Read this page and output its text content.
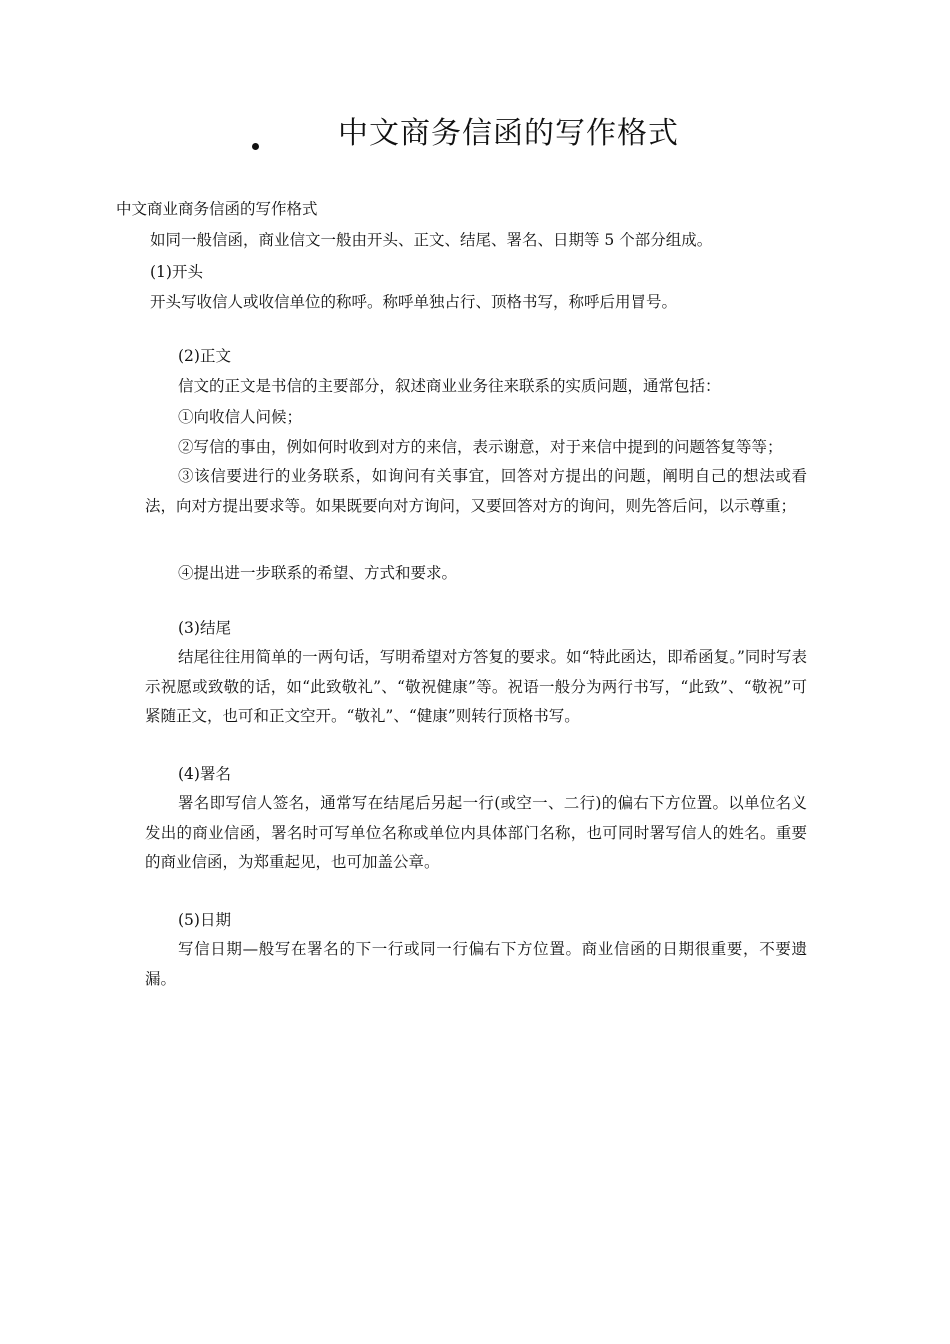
中文商务信函的写作格式
中文商业商务信函的写作格式
如同一般信函，商业信文一般由开头、正文、结尾、署名、日期等 5 个部分组成。
(1)开头
开头写收信人或收信单位的称呼。称呼单独占行、顶格书写，称呼后用冒号。
(2)正文
信文的正文是书信的主要部分，叙述商业业务往来联系的实质问题，通常包括：
①向收信人问候；
②写信的事由，例如何时收到对方的来信，表示谢意，对于来信中提到的问题答复等等；
③该信要进行的业务联系，如询问有关事宜，回答对方提出的问题，阐明自己的想法或看法，向对方提出要求等。如果既要向对方询问，又要回答对方的询问，则先答后问，以示尊重；
④提出进一步联系的希望、方式和要求。
(3)结尾
结尾往往用简单的一两句话，写明希望对方答复的要求。如“特此函达，即希函复。”同时写表示祝愿或致敬的话，如“此致敬礼”、“敬祝健康”等。祝语一般分为两行书写，“此致”、“敬祝”可紧随正文，也可和正文空开。“敬礼”、“健康”则转行顶格书写。
(4)署名
署名即写信人签名，通常写在结尾后另起一行(或空一、二行)的偏右下方位置。以单位名义发出的商业信函，署名时可写单位名称或单位内具体部门名称，也可同时署写信人的姓名。重要的商业信函，为郑重起见，也可加盖公章。
(5)日期
写信日期—般写在署名的下一行或同一行偏右下方位置。商业信函的日期很重要，不要遗漏。
